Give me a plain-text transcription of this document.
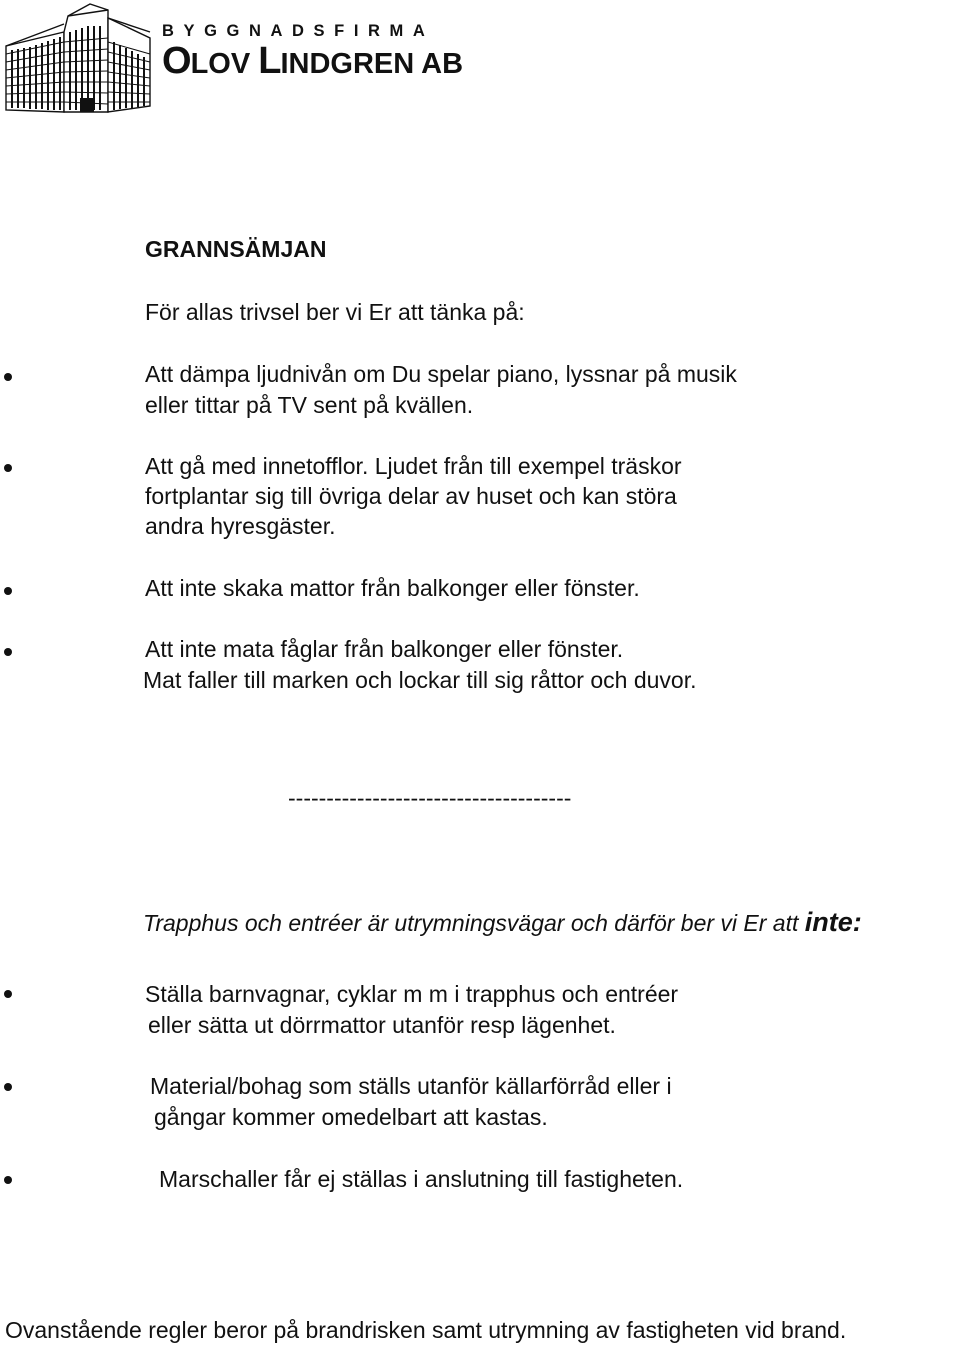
BYGGNADSFIRMA
OLOV LINDGREN AB
GRANNSÄMJAN
För allas trivsel ber vi Er att tänka på:
Att dämpa ljudnivån om Du spelar piano, lyssnar på musik
eller tittar på TV sent på kvällen.
Att gå med innetofflor. Ljudet från till exempel träskor
fortplantar sig till övriga delar av huset och kan störa
andra hyresgäster.
Att inte skaka mattor från balkonger eller fönster.
Att inte mata fåglar från balkonger eller fönster.
Mat faller till marken och lockar till sig råttor och duvor.
-------------------------------------
Trapphus och entréer är utrymningsvägar och därför ber vi Er att inte:
Ställa barnvagnar, cyklar m m i trapphus och entréer
eller sätta ut dörrmattor utanför resp lägenhet.
Material/bohag som ställs utanför källarförråd eller i
gångar kommer omedelbart att kastas.
Marschaller får ej ställas i anslutning till fastigheten.
Ovanstående regler beror på brandrisken samt utrymning av fastigheten vid brand.
